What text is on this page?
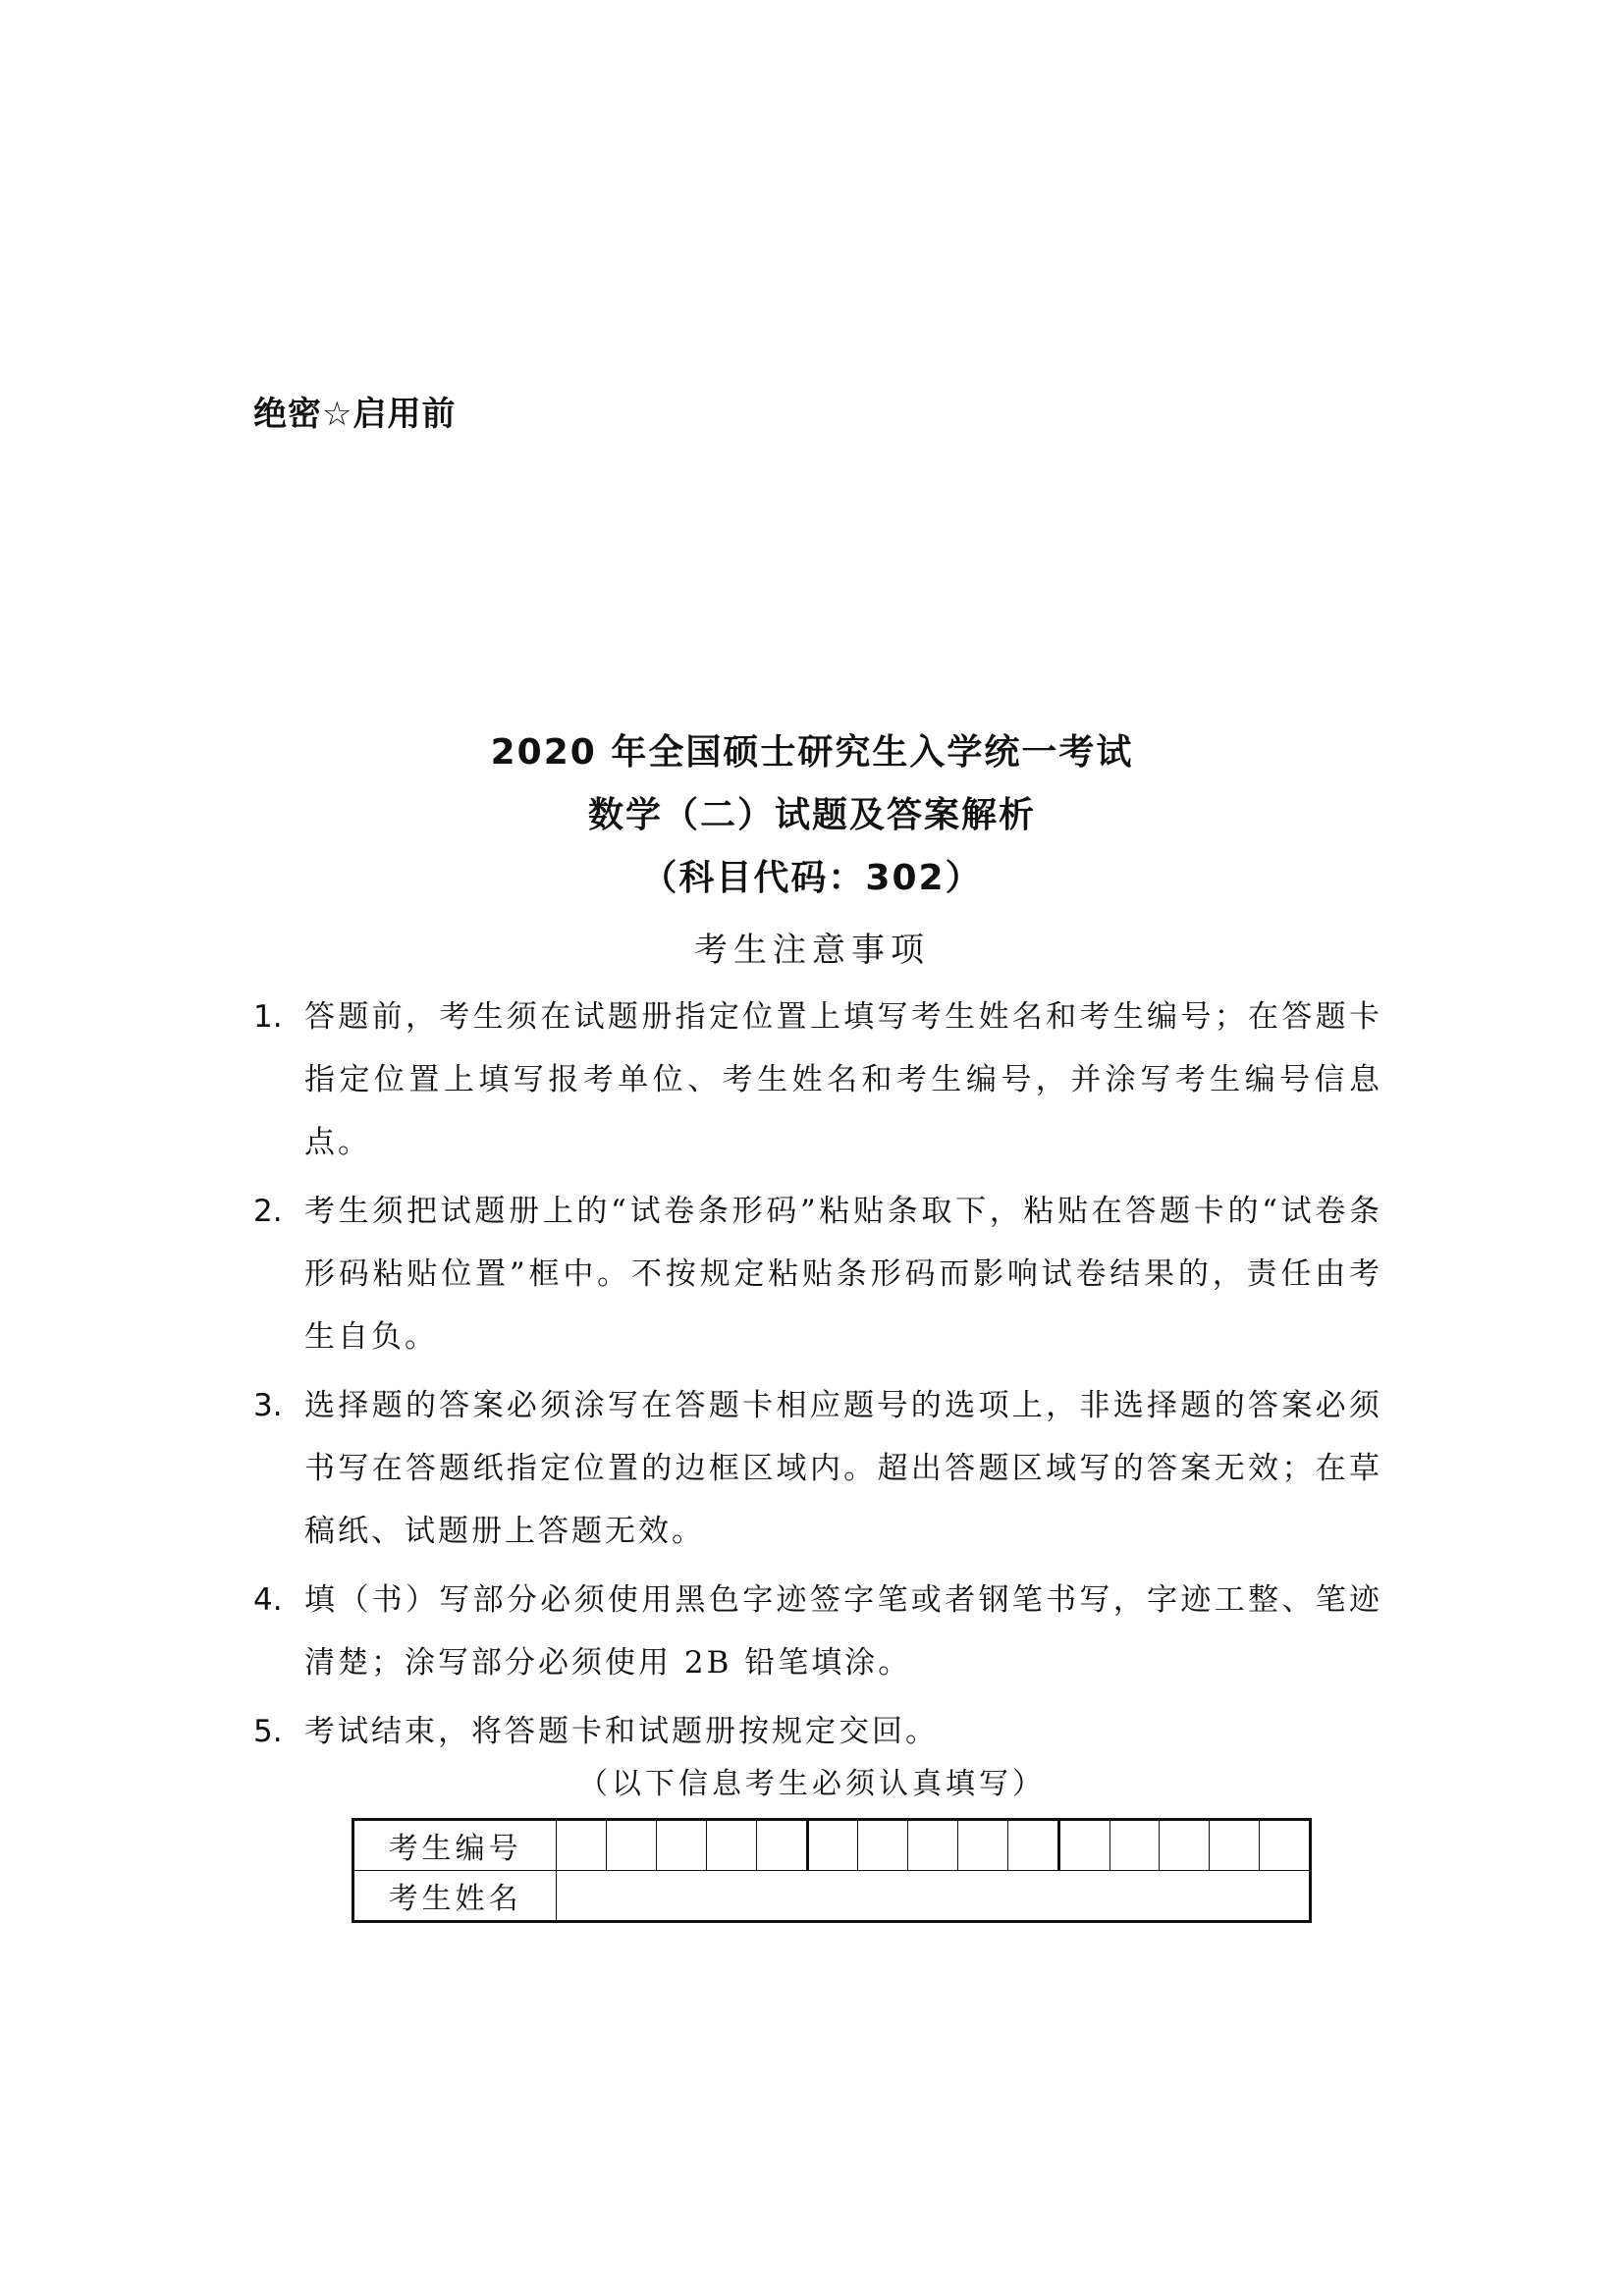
绝密☆启用前
2020 年全国硕士研究生入学统一考试
数学（二）试题及答案解析
（科目代码：302）
考生注意事项
1. 答题前，考生须在试题册指定位置上填写考生姓名和考生编号；在答题卡指定位置上填写报考单位、考生姓名和考生编号，并涂写考生编号信息点。
2. 考生须把试题册上的“试卷条形码”粘贴条取下，粘贴在答题卡的“试卷条形码粘贴位置”框中。不按规定粘贴条形码而影响试卷结果的，责任由考生自负。
3. 选择题的答案必须涂写在答题卡相应题号的选项上，非选择题的答案必须书写在答题纸指定位置的边框区域内。超出答题区域写的答案无效；在草稿纸、试题册上答题无效。
4. 填（书）写部分必须使用黑色字迹签字笔或者钢笔书写，字迹工整、笔迹清楚；涂写部分必须使用 2B 铅笔填涂。
5. 考试结束，将答题卡和试题册按规定交回。
（以下信息考生必须认真填写）
考生编号															
考生姓名															
